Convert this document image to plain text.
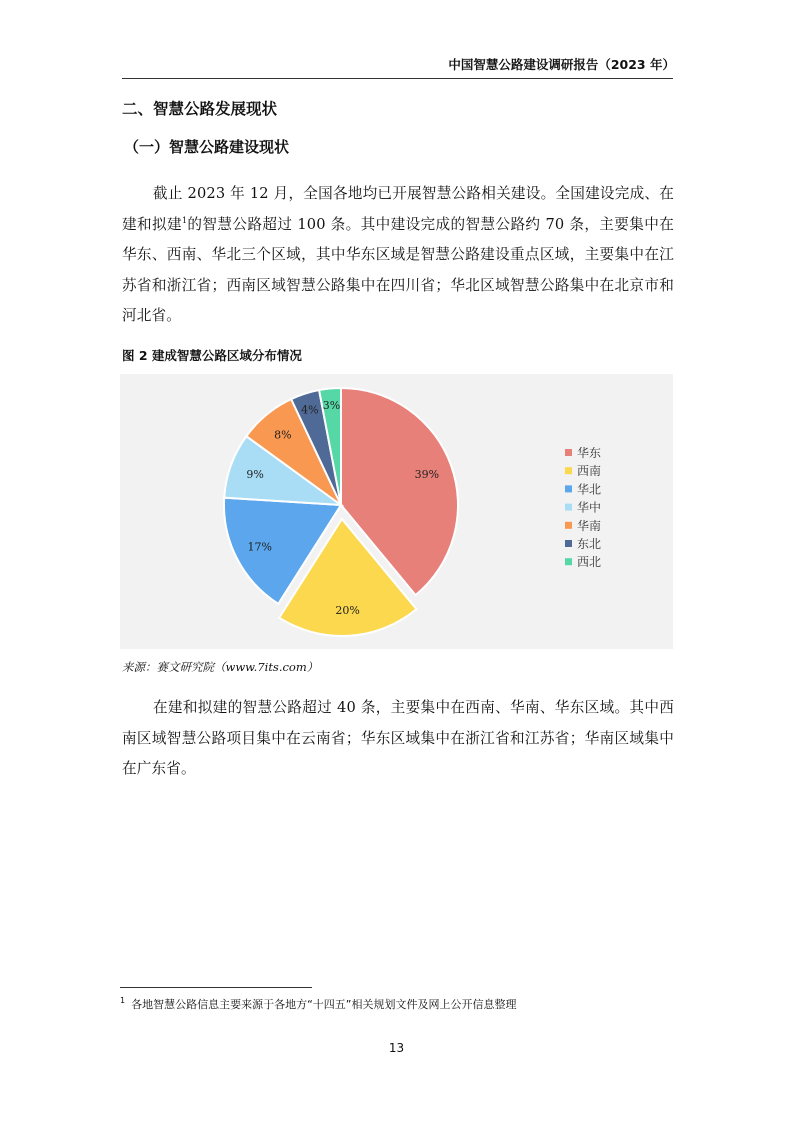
中国智慧公路建设调研报告（2023 年）
二、智慧公路发展现状
（一）智慧公路建设现状

截止 2023 年 12 月，全国各地均已开展智慧公路相关建设。全国建设完成、在建和拟建$^1$的智慧公路超过 100 条。其中建设完成的智慧公路约 70 条，主要集中在华东、西南、华北三个区域，其中华东区域是智慧公路建设重点区域，主要集中在江苏省和浙江省；西南区域智慧公路集中在四川省；华北区域智慧公路集中在北京市和河北省。

图 2 建成智慧公路区域分布情况

39%
20%
17%
9%
8%
4% 3%
华东
西南
华北
华中
华南
东北
西北

来源：赛文研究院（www.7its.com）

在建和拟建的智慧公路超过 40 条，主要集中在西南、华南、华东区域。其中西南区域智慧公路项目集中在云南省；华东区域集中在浙江省和江苏省；华南区域集中在广东省。

$^1$ 各地智慧公路信息主要来源于各地方“十四五”相关规划文件及网上公开信息整理

13
